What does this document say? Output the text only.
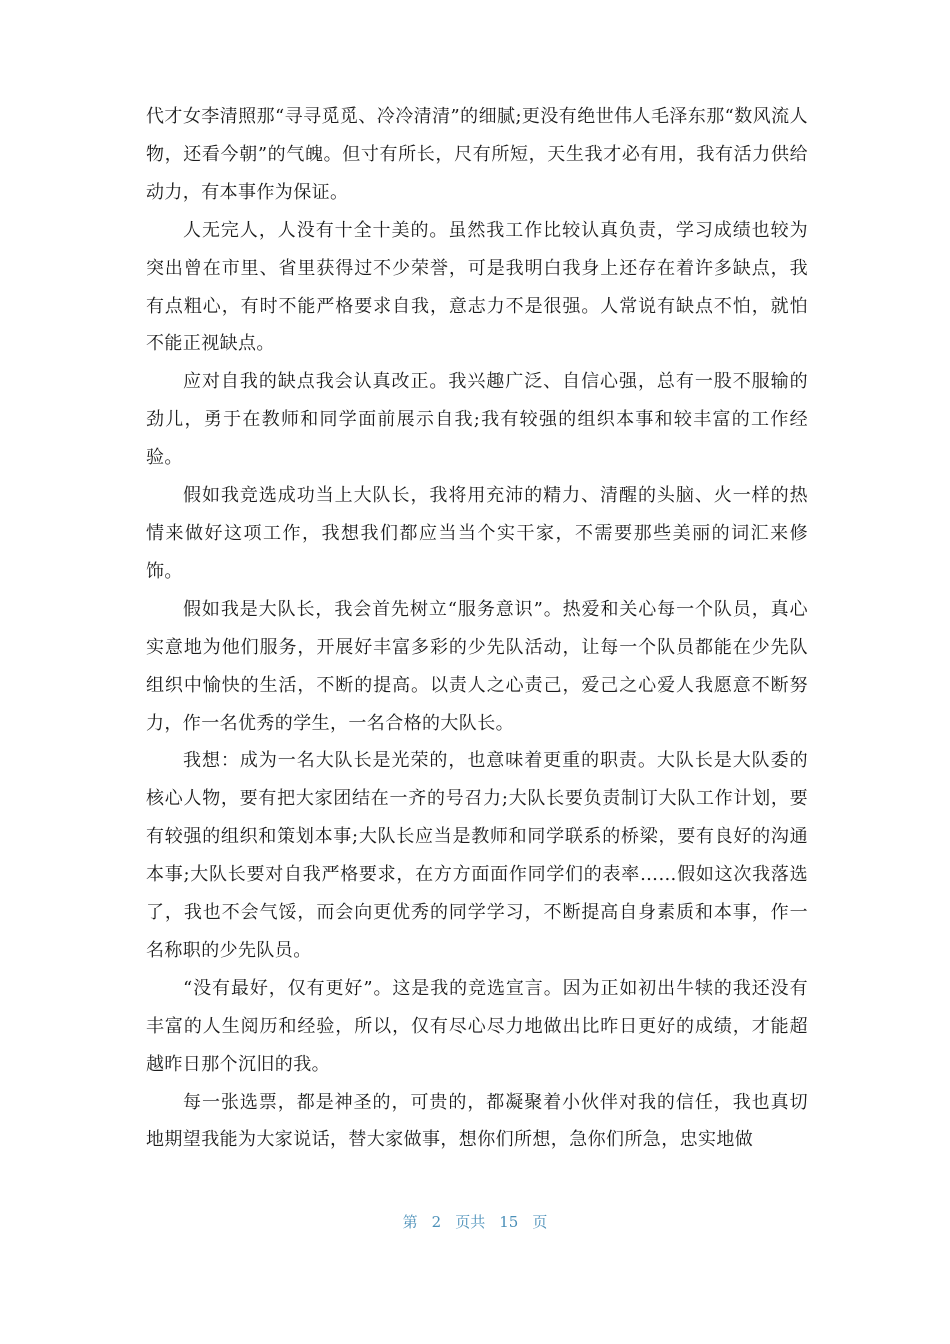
代才女李清照那“寻寻觅觅、冷冷清清”的细腻;更没有绝世伟人毛泽东那“数风流人物，还看今朝”的气魄。但寸有所长，尺有所短，天生我才必有用，我有活力供给动力，有本事作为保证。

人无完人，人没有十全十美的。虽然我工作比较认真负责，学习成绩也较为突出曾在市里、省里获得过不少荣誉，可是我明白我身上还存在着许多缺点，我有点粗心，有时不能严格要求自我，意志力不是很强。人常说有缺点不怕，就怕不能正视缺点。

应对自我的缺点我会认真改正。我兴趣广泛、自信心强，总有一股不服输的劲儿，勇于在教师和同学面前展示自我;我有较强的组织本事和较丰富的工作经验。

假如我竞选成功当上大队长，我将用充沛的精力、清醒的头脑、火一样的热情来做好这项工作，我想我们都应当当个实干家，不需要那些美丽的词汇来修饰。

假如我是大队长，我会首先树立“服务意识”。热爱和关心每一个队员，真心实意地为他们服务，开展好丰富多彩的少先队活动，让每一个队员都能在少先队组织中愉快的生活，不断的提高。以责人之心责己，爱己之心爱人我愿意不断努力，作一名优秀的学生，一名合格的大队长。

我想：成为一名大队长是光荣的，也意味着更重的职责。大队长是大队委的核心人物，要有把大家团结在一齐的号召力;大队长要负责制订大队工作计划，要有较强的组织和策划本事;大队长应当是教师和同学联系的桥梁，要有良好的沟通本事;大队长要对自我严格要求，在方方面面作同学们的表率……假如这次我落选了，我也不会气馁，而会向更优秀的同学学习，不断提高自身素质和本事，作一名称职的少先队员。

“没有最好，仅有更好”。这是我的竞选宣言。因为正如初出牛犊的我还没有丰富的人生阅历和经验，所以，仅有尽心尽力地做出比昨日更好的成绩，才能超越昨日那个沉旧的我。

每一张选票，都是神圣的，可贵的，都凝聚着小伙伴对我的信任，我也真切地期望我能为大家说话，替大家做事，想你们所想，急你们所急，忠实地做

第 2 页共 15 页
